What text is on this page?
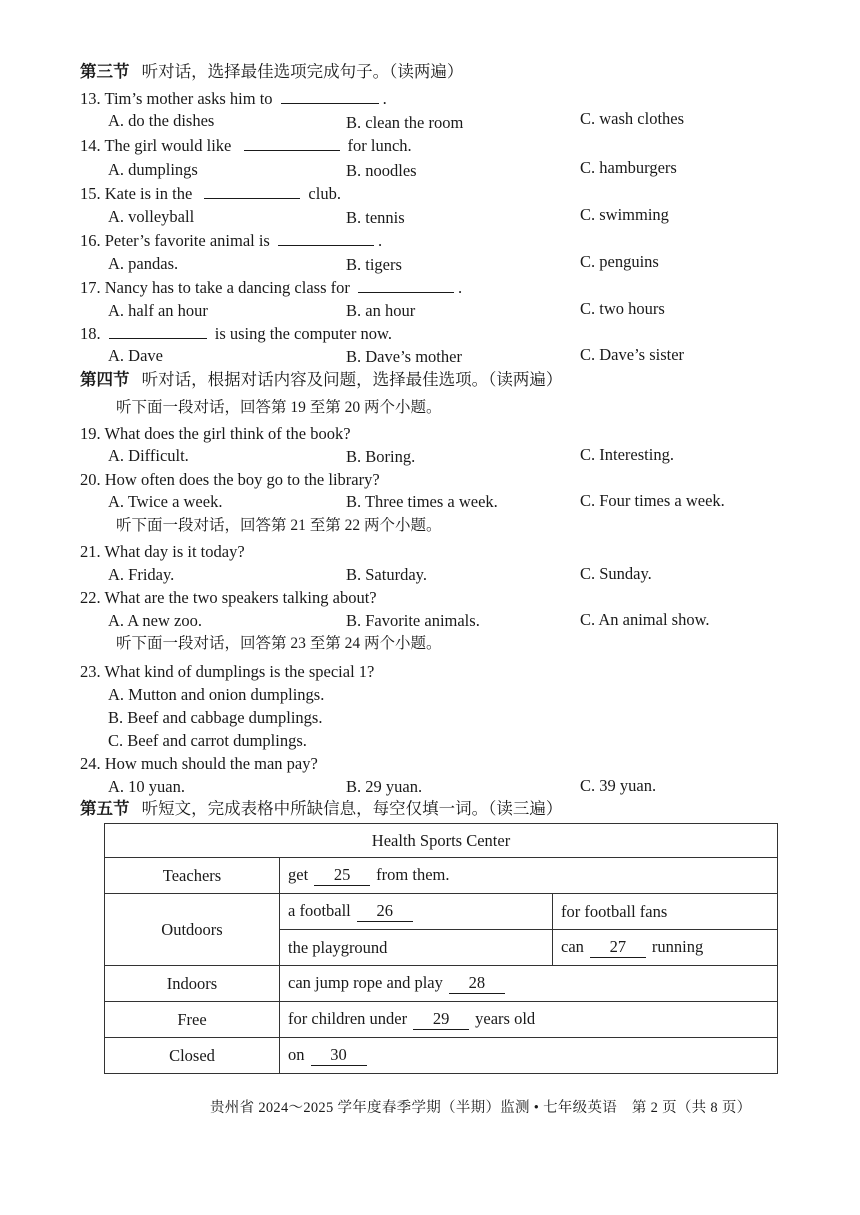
第三节 听对话，选择最佳选项完成句子。（读两遍）
13. Tim’s mother asks him to	.
A. do the dishes	B. clean the room	C. wash clothes
14. The girl would like	for lunch.
A. dumplings	B. noodles	C. hamburgers
15. Kate is in the	club.
A. volleyball	B. tennis	C. swimming
16. Peter’s favorite animal is	.
A. pandas.	B. tigers	C. penguins
17. Nancy has to take a dancing class for	.
A. half an hour	B. an hour	C. two hours
18.	is using the computer now.
A. Dave	B. Dave’s mother	C. Dave’s sister
第四节 听对话，根据对话内容及问题，选择最佳选项。（读两遍）
听下面一段对话，回答第 19 至第 20 两个小题。
19. What does the girl think of the book?
A. Difficult.	B. Boring.	C. Interesting.
20. How often does the boy go to the library?
A. Twice a week.	B. Three times a week.	C. Four times a week.
听下面一段对话，回答第 21 至第 22 两个小题。
21. What day is it today?
A. Friday.	B. Saturday.	C. Sunday.
22. What are the two speakers talking about?
A. A new zoo.	B. Favorite animals.	C. An animal show.
听下面一段对话，回答第 23 至第 24 两个小题。
23. What kind of dumplings is the special 1?
A. Mutton and onion dumplings.
B. Beef and cabbage dumplings.
C. Beef and carrot dumplings.
24. How much should the man pay?
A. 10 yuan.	B. 29 yuan.	C. 39 yuan.
第五节 听短文，完成表格中所缺信息，每空仅填一词。（读三遍）
Health Sports Center		
Teachers	get 25 from them.	
Outdoors	a football 26	for football fans
	the playground	can 27 running
Indoors	can jump rope and play 28	
Free	for children under 29 years old	
Closed	on 30	
贵州省 2024～2025 学年度春季学期（半期）监测 • 七年级英语　第 2 页（共 8 页）
